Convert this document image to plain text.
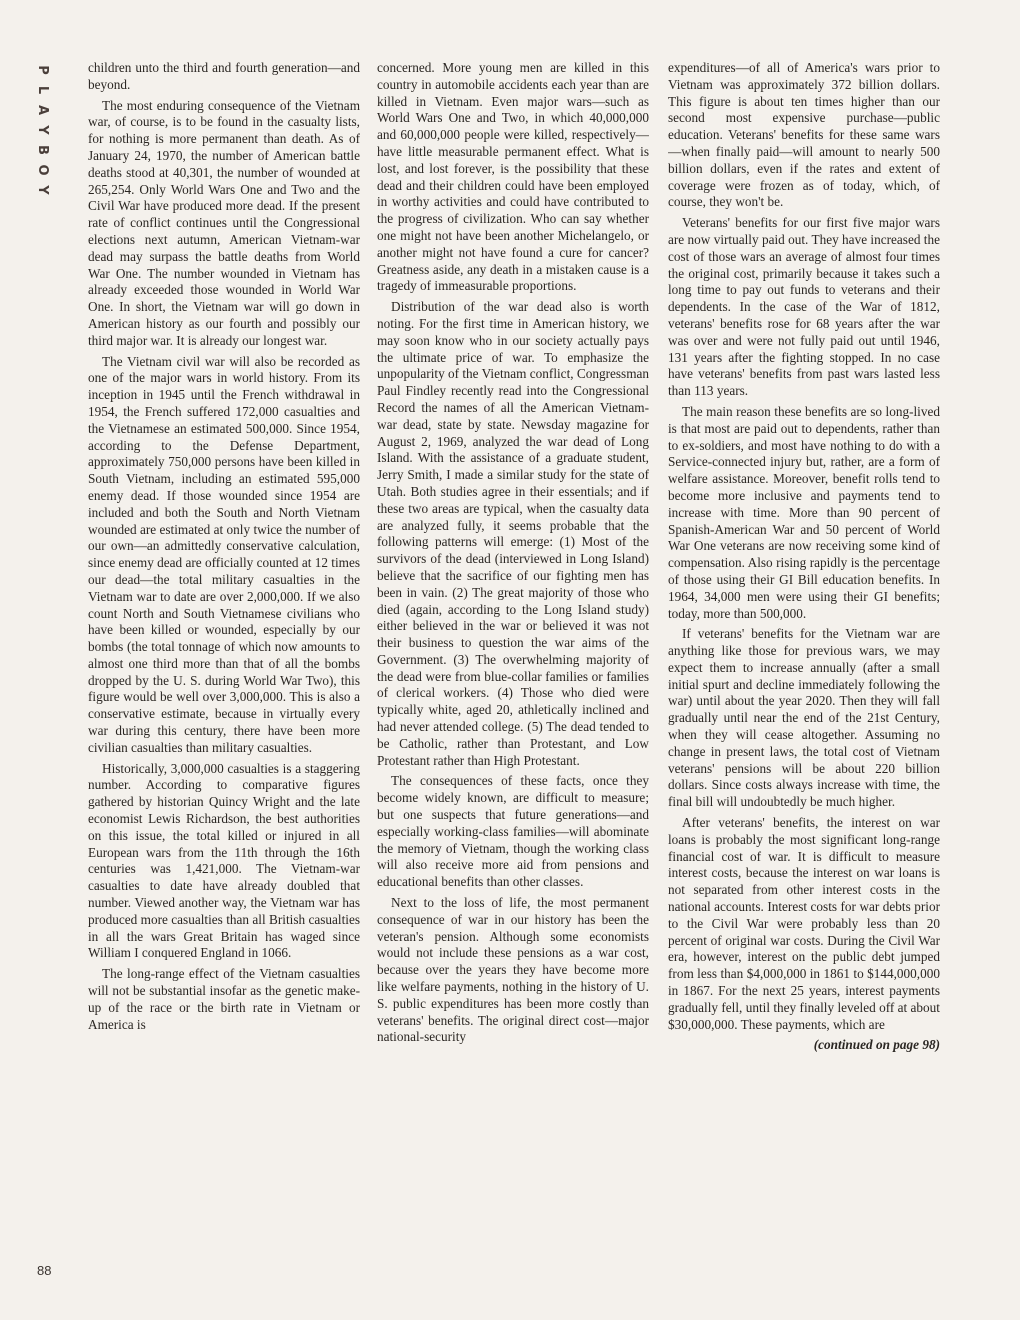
P
L
A
Y
B
O
Y

children unto the third and fourth generation—and beyond.

The most enduring consequence of the Vietnam war, of course, is to be found in the casualty lists, for nothing is more permanent than death. As of January 24, 1970, the number of American battle deaths stood at 40,301, the number of wounded at 265,254. Only World Wars One and Two and the Civil War have produced more dead. If the present rate of conflict continues until the Congressional elections next autumn, American Vietnam-war dead may surpass the battle deaths from World War One. The number wounded in Vietnam has already exceeded those wounded in World War One. In short, the Vietnam war will go down in American history as our fourth and possibly our third major war. It is already our longest war.

The Vietnam civil war will also be recorded as one of the major wars in world history. From its inception in 1945 until the French withdrawal in 1954, the French suffered 172,000 casualties and the Vietnamese an estimated 500,000. Since 1954, according to the Defense Department, approximately 750,000 persons have been killed in South Vietnam, including an estimated 595,000 enemy dead. If those wounded since 1954 are included and both the South and North Vietnam wounded are estimated at only twice the number of our own—an admittedly conservative calculation, since enemy dead are officially counted at 12 times our dead—the total military casualties in the Vietnam war to date are over 2,000,000. If we also count North and South Vietnamese civilians who have been killed or wounded, especially by our bombs (the total tonnage of which now amounts to almost one third more than that of all the bombs dropped by the U. S. during World War Two), this figure would be well over 3,000,000. This is also a conservative estimate, because in virtually every war during this century, there have been more civilian casualties than military casualties.

Historically, 3,000,000 casualties is a staggering number. According to comparative figures gathered by historian Quincy Wright and the late economist Lewis Richardson, the best authorities on this issue, the total killed or injured in all European wars from the 11th through the 16th centuries was 1,421,000. The Vietnam-war casualties to date have already doubled that number. Viewed another way, the Vietnam war has produced more casualties than all British casualties in all the wars Great Britain has waged since William I conquered England in 1066.

The long-range effect of the Vietnam casualties will not be substantial insofar as the genetic make-up of the race or the birth rate in Vietnam or America is

concerned. More young men are killed in this country in automobile accidents each year than are killed in Vietnam. Even major wars—such as World Wars One and Two, in which 40,000,000 and 60,000,000 people were killed, respectively—have little measurable permanent effect. What is lost, and lost forever, is the possibility that these dead and their children could have been employed in worthy activities and could have contributed to the progress of civilization. Who can say whether one might not have been another Michelangelo, or another might not have found a cure for cancer? Greatness aside, any death in a mistaken cause is a tragedy of immeasurable proportions.

Distribution of the war dead also is worth noting. For the first time in American history, we may soon know who in our society actually pays the ultimate price of war. To emphasize the unpopularity of the Vietnam conflict, Congressman Paul Findley recently read into the Congressional Record the names of all the American Vietnam-war dead, state by state. Newsday magazine for August 2, 1969, analyzed the war dead of Long Island. With the assistance of a graduate student, Jerry Smith, I made a similar study for the state of Utah. Both studies agree in their essentials; and if these two areas are typical, when the casualty data are analyzed fully, it seems probable that the following patterns will emerge: (1) Most of the survivors of the dead (interviewed in Long Island) believe that the sacrifice of our fighting men has been in vain. (2) The great majority of those who died (again, according to the Long Island study) either believed in the war or believed it was not their business to question the war aims of the Government. (3) The overwhelming majority of the dead were from blue-collar families or families of clerical workers. (4) Those who died were typically white, aged 20, athletically inclined and had never attended college. (5) The dead tended to be Catholic, rather than Protestant, and Low Protestant rather than High Protestant.

The consequences of these facts, once they become widely known, are difficult to measure; but one suspects that future generations—and especially working-class families—will abominate the memory of Vietnam, though the working class will also receive more aid from pensions and educational benefits than other classes.

Next to the loss of life, the most permanent consequence of war in our history has been the veteran's pension. Although some economists would not include these pensions as a war cost, because over the years they have become more like welfare payments, nothing in the history of U. S. public expenditures has been more costly than veterans' benefits. The original direct cost—major national-security

expenditures—of all of America's wars prior to Vietnam was approximately 372 billion dollars. This figure is about ten times higher than our second most expensive purchase—public education. Veterans' benefits for these same wars—when finally paid—will amount to nearly 500 billion dollars, even if the rates and extent of coverage were frozen as of today, which, of course, they won't be.

Veterans' benefits for our first five major wars are now virtually paid out. They have increased the cost of those wars an average of almost four times the original cost, primarily because it takes such a long time to pay out funds to veterans and their dependents. In the case of the War of 1812, veterans' benefits rose for 68 years after the war was over and were not fully paid out until 1946, 131 years after the fighting stopped. In no case have veterans' benefits from past wars lasted less than 113 years.

The main reason these benefits are so long-lived is that most are paid out to dependents, rather than to ex-soldiers, and most have nothing to do with a Service-connected injury but, rather, are a form of welfare assistance. Moreover, benefit rolls tend to become more inclusive and payments tend to increase with time. More than 90 percent of Spanish-American War and 50 percent of World War One veterans are now receiving some kind of compensation. Also rising rapidly is the percentage of those using their GI Bill education benefits. In 1964, 34,000 men were using their GI benefits; today, more than 500,000.

If veterans' benefits for the Vietnam war are anything like those for previous wars, we may expect them to increase annually (after a small initial spurt and decline immediately following the war) until about the year 2020. Then they will fall gradually until near the end of the 21st Century, when they will cease altogether. Assuming no change in present laws, the total cost of Vietnam veterans' pensions will be about 220 billion dollars. Since costs always increase with time, the final bill will undoubtedly be much higher.

After veterans' benefits, the interest on war loans is probably the most significant long-range financial cost of war. It is difficult to measure interest costs, because the interest on war loans is not separated from other interest costs in the national accounts. Interest costs for war debts prior to the Civil War were probably less than 20 percent of original war costs. During the Civil War era, however, interest on the public debt jumped from less than $4,000,000 in 1861 to $144,000,000 in 1867. For the next 25 years, interest payments gradually fell, until they finally leveled off at about $30,000,000. These payments, which are

(continued on page 98)

88
